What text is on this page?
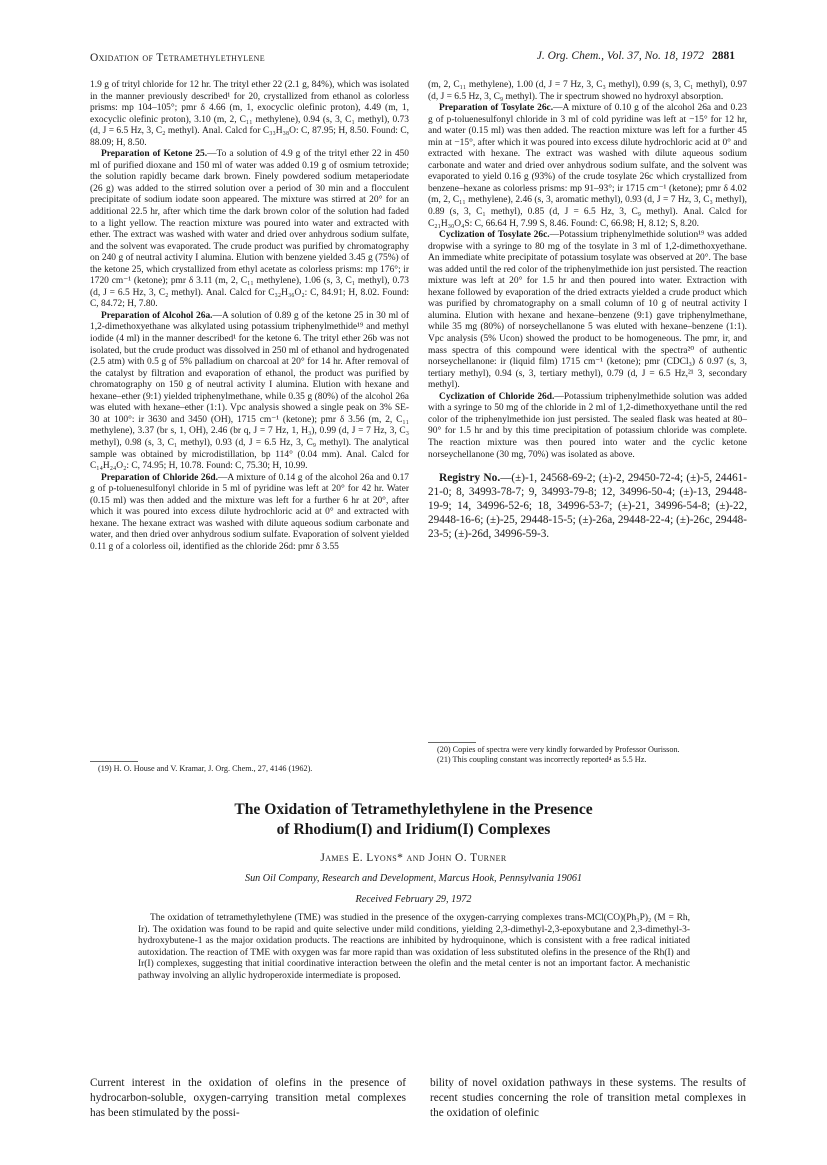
Oxidation of Tetramethylethylene	J. Org. Chem., Vol. 37, No. 18, 1972 2881

1.9 g of trityl chloride for 12 hr. The trityl ether 22 (2.1 g, 84%), which was isolated in the manner previously described¹ for 20, crystallized from ethanol as colorless prisms: mp 104–105°; pmr δ 4.66 (m, 1, exocyclic olefinic proton), 4.49 (m, 1, exocyclic olefinic proton), 3.10 (m, 2, C₁₁ methylene), 0.94 (s, 3, C₁ methyl), 0.73 (d, J = 6.5 Hz, 3, C₂ methyl). Anal. Calcd for C₃₃H₃₈O: C, 87.95; H, 8.50. Found: C, 88.09; H, 8.50.

Preparation of Ketone 25.—To a solution of 4.9 g of the trityl ether 22 in 450 ml of purified dioxane and 150 ml of water was added 0.19 g of osmium tetroxide; the solution rapidly became dark brown. Finely powdered sodium metaperiodate (26 g) was added to the stirred solution over a period of 30 min and a flocculent precipitate of sodium iodate soon appeared. The mixture was stirred at 20° for an additional 22.5 hr, after which time the dark brown color of the solution had faded to a light yellow. The reaction mixture was poured into water and extracted with ether. The extract was washed with water and dried over anhydrous sodium sulfate, and the solvent was evaporated. The crude product was purified by chromatography on 240 g of neutral activity I alumina. Elution with benzene yielded 3.45 g (75%) of the ketone 25, which crystallized from ethyl acetate as colorless prisms: mp 176°; ir 1720 cm⁻¹ (ketone); pmr δ 3.11 (m, 2, C₁₁ methylene), 1.06 (s, 3, C₁ methyl), 0.73 (d, J = 6.5 Hz, 3, C₂ methyl). Anal. Calcd for C₃₂H₃₆O₂: C, 84.91; H, 8.02. Found: C, 84.72; H, 7.80.

Preparation of Alcohol 26a.—A solution of 0.89 g of the ketone 25 in 30 ml of 1,2-dimethoxyethane was alkylated using potassium triphenylmethide¹⁹ and methyl iodide (4 ml) in the manner described¹ for the ketone 6. The trityl ether 26b was not isolated, but the crude product was dissolved in 250 ml of ethanol and hydrogenated (2.5 atm) with 0.5 g of 5% palladium on charcoal at 20° for 14 hr. After removal of the catalyst by filtration and evaporation of ethanol, the product was purified by chromatography on 150 g of neutral activity I alumina. Elution with hexane and hexane–ether (9:1) yielded triphenylmethane, while 0.35 g (80%) of the alcohol 26a was eluted with hexane–ether (1:1). Vpc analysis showed a single peak on 3% SE-30 at 100°: ir 3630 and 3450 (OH), 1715 cm⁻¹ (ketone); pmr δ 3.56 (m, 2, C₁₁ methylene), 3.37 (br s, 1, OH), 2.46 (br q, J = 7 Hz, 1, H₃), 0.99 (d, J = 7 Hz, 3, C₃ methyl), 0.98 (s, 3, C₁ methyl), 0.93 (d, J = 6.5 Hz, 3, C₉ methyl). The analytical sample was obtained by microdistillation, bp 114° (0.04 mm). Anal. Calcd for C₁₄H₂₄O₂: C, 74.95; H, 10.78. Found: C, 75.30; H, 10.99.

Preparation of Chloride 26d.—A mixture of 0.14 g of the alcohol 26a and 0.17 g of p-toluenesulfonyl chloride in 5 ml of pyridine was left at 20° for 42 hr. Water (0.15 ml) was then added and the mixture was left for a further 6 hr at 20°, after which it was poured into excess dilute hydrochloric acid at 0° and extracted with hexane. The hexane extract was washed with dilute aqueous sodium carbonate and water, and then dried over anhydrous sodium sulfate. Evaporation of solvent yielded 0.11 g of a colorless oil, identified as the chloride 26d: pmr δ 3.55

(19) H. O. House and V. Kramar, J. Org. Chem., 27, 4146 (1962).

(m, 2, C₁₁ methylene), 1.00 (d, J = 7 Hz, 3, C₃ methyl), 0.99 (s, 3, C₁ methyl), 0.97 (d, J = 6.5 Hz, 3, C₉ methyl). The ir spectrum showed no hydroxyl absorption.

Preparation of Tosylate 26c.—A mixture of 0.10 g of the alcohol 26a and 0.23 g of p-toluenesulfonyl chloride in 3 ml of cold pyridine was left at −15° for 12 hr, and water (0.15 ml) was then added. The reaction mixture was left for a further 45 min at −15°, after which it was poured into excess dilute hydrochloric acid at 0° and extracted with hexane. The extract was washed with dilute aqueous sodium carbonate and water and dried over anhydrous sodium sulfate, and the solvent was evaporated to yield 0.16 g (93%) of the crude tosylate 26c which crystallized from benzene–hexane as colorless prisms: mp 91–93°; ir 1715 cm⁻¹ (ketone); pmr δ 4.02 (m, 2, C₁₁ methylene), 2.46 (s, 3, aromatic methyl), 0.93 (d, J = 7 Hz, 3, C₃ methyl), 0.89 (s, 3, C₁ methyl), 0.85 (d, J = 6.5 Hz, 3, C₉ methyl). Anal. Calcd for C₂₁H₃₀O₄S: C, 66.64 H, 7.99 S, 8.46. Found: C, 66.98; H, 8.12; S, 8.20.

Cyclization of Tosylate 26c.—Potassium triphenylmethide solution¹⁹ was added dropwise with a syringe to 80 mg of the tosylate in 3 ml of 1,2-dimethoxyethane. An immediate white precipitate of potassium tosylate was observed at 20°. The base was added until the red color of the triphenylmethide ion just persisted. The reaction mixture was left at 20° for 1.5 hr and then poured into water. Extraction with hexane followed by evaporation of the dried extracts yielded a crude product which was purified by chromatography on a small column of 10 g of neutral activity I alumina. Elution with hexane and hexane–benzene (9:1) gave triphenylmethane, while 35 mg (80%) of norseychellanone 5 was eluted with hexane–benzene (1:1). Vpc analysis (5% Ucon) showed the product to be homogeneous. The pmr, ir, and mass spectra of this compound were identical with the spectra²⁰ of authentic norseychellanone: ir (liquid film) 1715 cm⁻¹ (ketone); pmr (CDCl₃) δ 0.97 (s, 3, tertiary methyl), 0.94 (s, 3, tertiary methyl), 0.79 (d, J = 6.5 Hz,²¹ 3, secondary methyl).

Cyclization of Chloride 26d.—Potassium triphenylmethide solution was added with a syringe to 50 mg of the chloride in 2 ml of 1,2-dimethoxyethane until the red color of the triphenylmethide ion just persisted. The sealed flask was heated at 80–90° for 1.5 hr and by this time precipitation of potassium chloride was complete. The reaction mixture was then poured into water and the cyclic ketone norseychellanone (30 mg, 70%) was isolated as above.

Registry No.—(±)-1, 24568-69-2; (±)-2, 29450-72-4; (±)-5, 24461-21-0; 8, 34993-78-7; 9, 34993-79-8; 12, 34996-50-4; (±)-13, 29448-19-9; 14, 34996-52-6; 18, 34996-53-7; (±)-21, 34996-54-8; (±)-22, 29448-16-6; (±)-25, 29448-15-5; (±)-26a, 29448-22-4; (±)-26c, 29448-23-5; (±)-26d, 34996-59-3.

(20) Copies of spectra were very kindly forwarded by Professor Ourisson.

(21) This coupling constant was incorrectly reported⁴ as 5.5 Hz.

The Oxidation of Tetramethylethylene in the Presence
of Rhodium(I) and Iridium(I) Complexes
James E. Lyons* and John O. Turner
Sun Oil Company, Research and Development, Marcus Hook, Pennsylvania 19061
Received February 29, 1972

The oxidation of tetramethylethylene (TME) was studied in the presence of the oxygen-carrying complexes trans-MCl(CO)(Ph₃P)₂ (M = Rh, Ir). The oxidation was found to be rapid and quite selective under mild conditions, yielding 2,3-dimethyl-2,3-epoxybutane and 2,3-dimethyl-3-hydroxybutene-1 as the major oxidation products. The reactions are inhibited by hydroquinone, which is consistent with a free radical initiated autoxidation. The reaction of TME with oxygen was far more rapid than was oxidation of less substituted olefins in the presence of the Rh(I) and Ir(I) complexes, suggesting that initial coordinative interaction between the olefin and the metal center is not an important factor. A mechanistic pathway involving an allylic hydroperoxide intermediate is proposed.

Current interest in the oxidation of olefins in the presence of hydrocarbon-soluble, oxygen-carrying transition metal complexes has been stimulated by the possi-

bility of novel oxidation pathways in these systems. The results of recent studies concerning the role of transition metal complexes in the oxidation of olefinic
